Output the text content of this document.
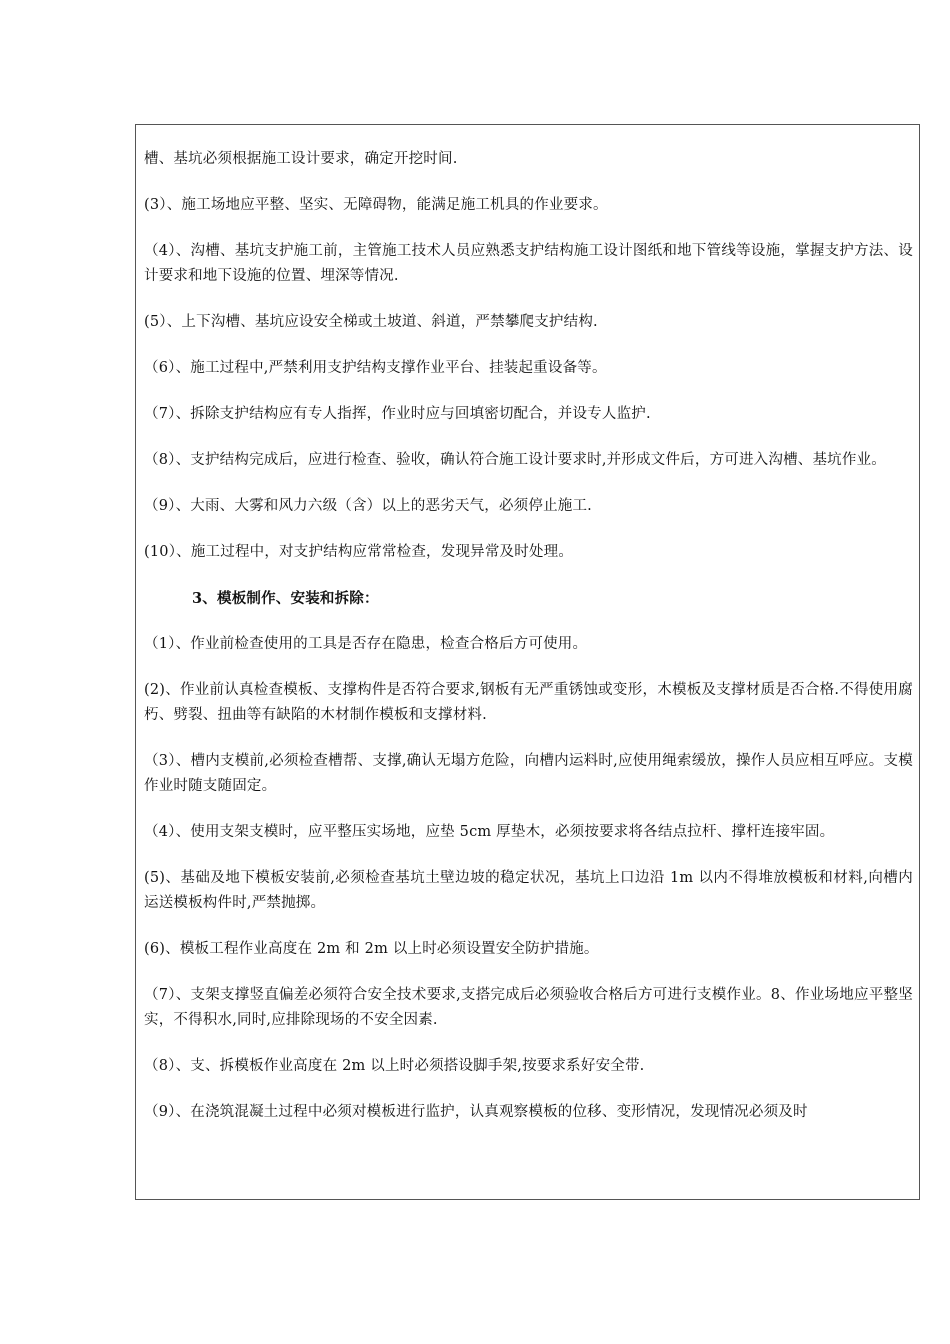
槽、基坑必须根据施工设计要求，确定开挖时间.

(3）、施工场地应平整、坚实、无障碍物，能满足施工机具的作业要求。

（4）、沟槽、基坑支护施工前，主管施工技术人员应熟悉支护结构施工设计图纸和地下管线等设施，掌握支护方法、设计要求和地下设施的位置、埋深等情况.

(5）、上下沟槽、基坑应设安全梯或土坡道、斜道，严禁攀爬支护结构.

（6）、施工过程中,严禁利用支护结构支撑作业平台、挂装起重设备等。

（7）、拆除支护结构应有专人指挥，作业时应与回填密切配合，并设专人监护.

（8）、支护结构完成后，应进行检查、验收，确认符合施工设计要求时,并形成文件后，方可进入沟槽、基坑作业。

（9）、大雨、大雾和风力六级（含）以上的恶劣天气，必须停止施工.

(10）、施工过程中，对支护结构应常常检查，发现异常及时处理。

3、模板制作、安装和拆除：

（1）、作业前检查使用的工具是否存在隐患，检查合格后方可使用。

(2)、作业前认真检查模板、支撑构件是否符合要求,钢板有无严重锈蚀或变形，木模板及支撑材质是否合格.不得使用腐朽、劈裂、扭曲等有缺陷的木材制作模板和支撑材料.

（3）、槽内支模前,必须检查槽帮、支撑,确认无塌方危险，向槽内运料时,应使用绳索缓放，操作人员应相互呼应。支模作业时随支随固定。

（4）、使用支架支模时，应平整压实场地，应垫 5cm 厚垫木，必须按要求将各结点拉杆、撑杆连接牢固。

(5)、基础及地下模板安装前,必须检查基坑土壁边坡的稳定状况，基坑上口边沿 1m 以内不得堆放模板和材料,向槽内运送模板构件时,严禁抛掷。

(6)、模板工程作业高度在 2m 和 2m 以上时必须设置安全防护措施。

（7）、支架支撑竖直偏差必须符合安全技术要求,支搭完成后必须验收合格后方可进行支模作业。8、作业场地应平整坚实，不得积水,同时,应排除现场的不安全因素.

（8）、支、拆模板作业高度在 2m 以上时必须搭设脚手架,按要求系好安全带.

（9）、在浇筑混凝土过程中必须对模板进行监护，认真观察模板的位移、变形情况，发现情况必须及时
